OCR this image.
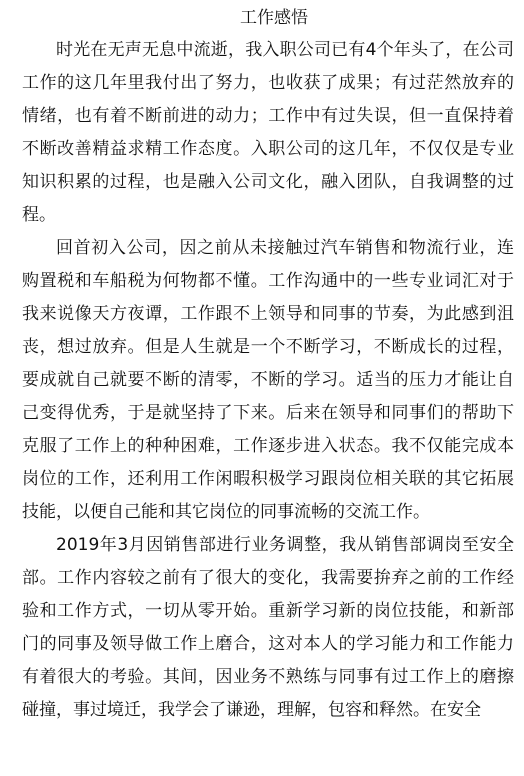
工作感悟

时光在无声无息中流逝，我入职公司已有4个年头了，在公司工作的这几年里我付出了努力，也收获了成果；有过茫然放弃的情绪，也有着不断前进的动力；工作中有过失误，但一直保持着不断改善精益求精工作态度。入职公司的这几年，不仅仅是专业知识积累的过程，也是融入公司文化，融入团队，自我调整的过程。

回首初入公司，因之前从未接触过汽车销售和物流行业，连购置税和车船税为何物都不懂。工作沟通中的一些专业词汇对于我来说像天方夜谭，工作跟不上领导和同事的节奏，为此感到沮丧，想过放弃。但是人生就是一个不断学习，不断成长的过程，要成就自己就要不断的清零，不断的学习。适当的压力才能让自己变得优秀，于是就坚持了下来。后来在领导和同事们的帮助下克服了工作上的种种困难，工作逐步进入状态。我不仅能完成本岗位的工作，还利用工作闲暇积极学习跟岗位相关联的其它拓展技能，以便自己能和其它岗位的同事流畅的交流工作。

2019年3月因销售部进行业务调整，我从销售部调岗至安全部。工作内容较之前有了很大的变化，我需要拚弃之前的工作经验和工作方式，一切从零开始。重新学习新的岗位技能，和新部门的同事及领导做工作上磨合，这对本人的学习能力和工作能力有着很大的考验。其间，因业务不熟练与同事有过工作上的磨擦碰撞，事过境迁，我学会了谦逊，理解，包容和释然。在安全
